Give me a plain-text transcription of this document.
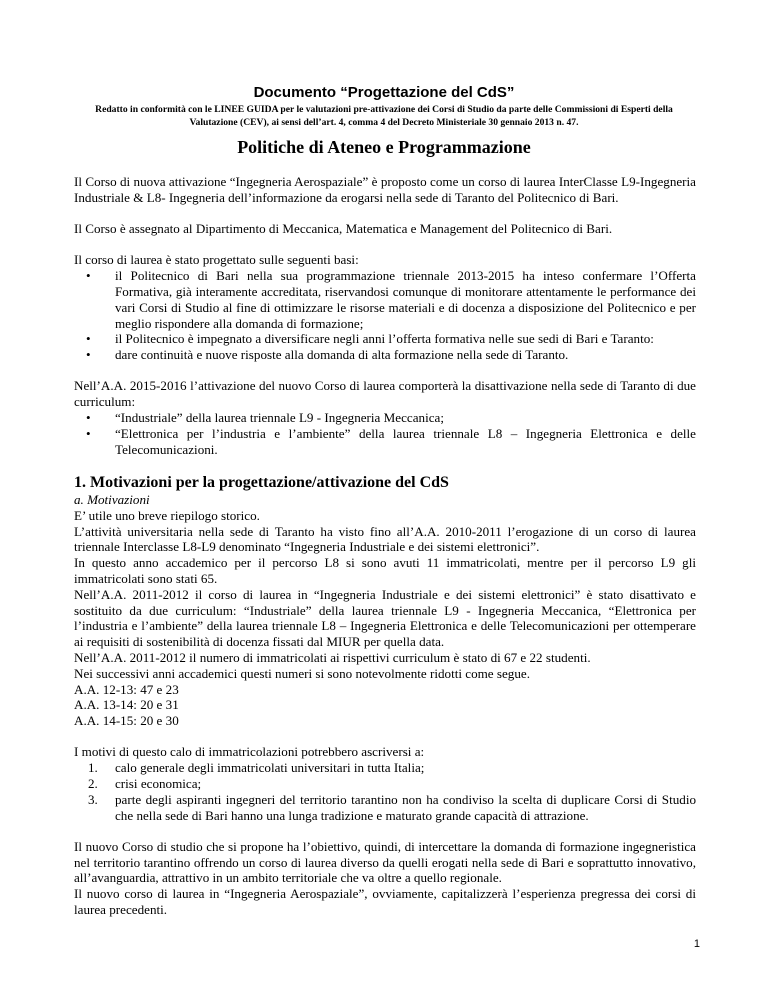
Documento “Progettazione del CdS”
Redatto in conformità con le LINEE GUIDA per le valutazioni pre-attivazione dei Corsi di Studio da parte delle Commissioni di Esperti della Valutazione (CEV), ai sensi dell’art. 4, comma 4 del Decreto Ministeriale 30 gennaio 2013 n. 47.
Politiche di Ateneo e Programmazione

Il Corso di nuova attivazione “Ingegneria Aerospaziale” è proposto come un corso di laurea InterClasse L9-Ingegneria Industriale & L8- Ingegneria dell’informazione da erogarsi nella sede di Taranto del Politecnico di Bari.

Il Corso è assegnato al Dipartimento di Meccanica, Matematica e Management del Politecnico di Bari.

Il corso di laurea è stato progettato sulle seguenti basi:

• il Politecnico di Bari nella sua programmazione triennale 2013-2015 ha inteso confermare l’Offerta Formativa, già interamente accreditata, riservandosi comunque di monitorare attentamente le performance dei vari Corsi di Studio al fine di ottimizzare le risorse materiali e di docenza a disposizione del Politecnico e per meglio rispondere alla domanda di formazione;
• il Politecnico è impegnato a diversificare negli anni l’offerta formativa nelle sue sedi di Bari e Taranto:
• dare continuità e nuove risposte alla domanda di alta formazione nella sede di Taranto.

Nell’A.A. 2015-2016 l’attivazione del nuovo Corso di laurea comporterà la disattivazione nella sede di Taranto di due curriculum:

• “Industriale” della laurea triennale L9 - Ingegneria Meccanica;
• “Elettronica per l’industria e l’ambiente” della laurea triennale L8 – Ingegneria Elettronica e delle Telecomunicazioni.
1. Motivazioni per la progettazione/attivazione del CdS
a. Motivazioni
E’ utile uno breve riepilogo storico.
L’attività universitaria nella sede di Taranto ha visto fino all’A.A. 2010-2011 l’erogazione di un corso di laurea triennale Interclasse L8-L9 denominato “Ingegneria Industriale e dei sistemi elettronici”.
In questo anno accademico per il percorso L8 si sono avuti 11 immatricolati, mentre per il percorso L9 gli immatricolati sono stati 65.
Nell’A.A. 2011-2012 il corso di laurea in “Ingegneria Industriale e dei sistemi elettronici” è stato disattivato e sostituito da due curriculum: “Industriale” della laurea triennale L9 - Ingegneria Meccanica, “Elettronica per l’industria e l’ambiente” della laurea triennale L8 – Ingegneria Elettronica e delle Telecomunicazioni per ottemperare ai requisiti di sostenibilità di docenza fissati dal MIUR per quella data.
Nell’A.A. 2011-2012 il numero di immatricolati ai rispettivi curriculum è stato di 67 e 22 studenti.
Nei successivi anni accademici questi numeri si sono notevolmente ridotti come segue.
A.A. 12-13: 47 e 23
A.A. 13-14: 20 e 31

A.A. 14-15: 20 e 30

I motivi di questo calo di immatricolazioni potrebbero ascriversi a:

1. calo generale degli immatricolati universitari in tutta Italia;
2. crisi economica;
3. parte degli aspiranti ingegneri del territorio tarantino non ha condiviso la scelta di duplicare Corsi di Studio che nella sede di Bari hanno una lunga tradizione e maturato grande capacità di attrazione.

Il nuovo Corso di studio che si propone ha l’obiettivo, quindi, di intercettare la domanda di formazione ingegneristica nel territorio tarantino offrendo un corso di laurea diverso da quelli erogati nella sede di Bari e soprattutto innovativo, all’avanguardia, attrattivo in un ambito territoriale che va oltre a quello regionale.

Il nuovo corso di laurea in “Ingegneria Aerospaziale”, ovviamente, capitalizzerà l’esperienza pregressa dei corsi di laurea precedenti.

1
